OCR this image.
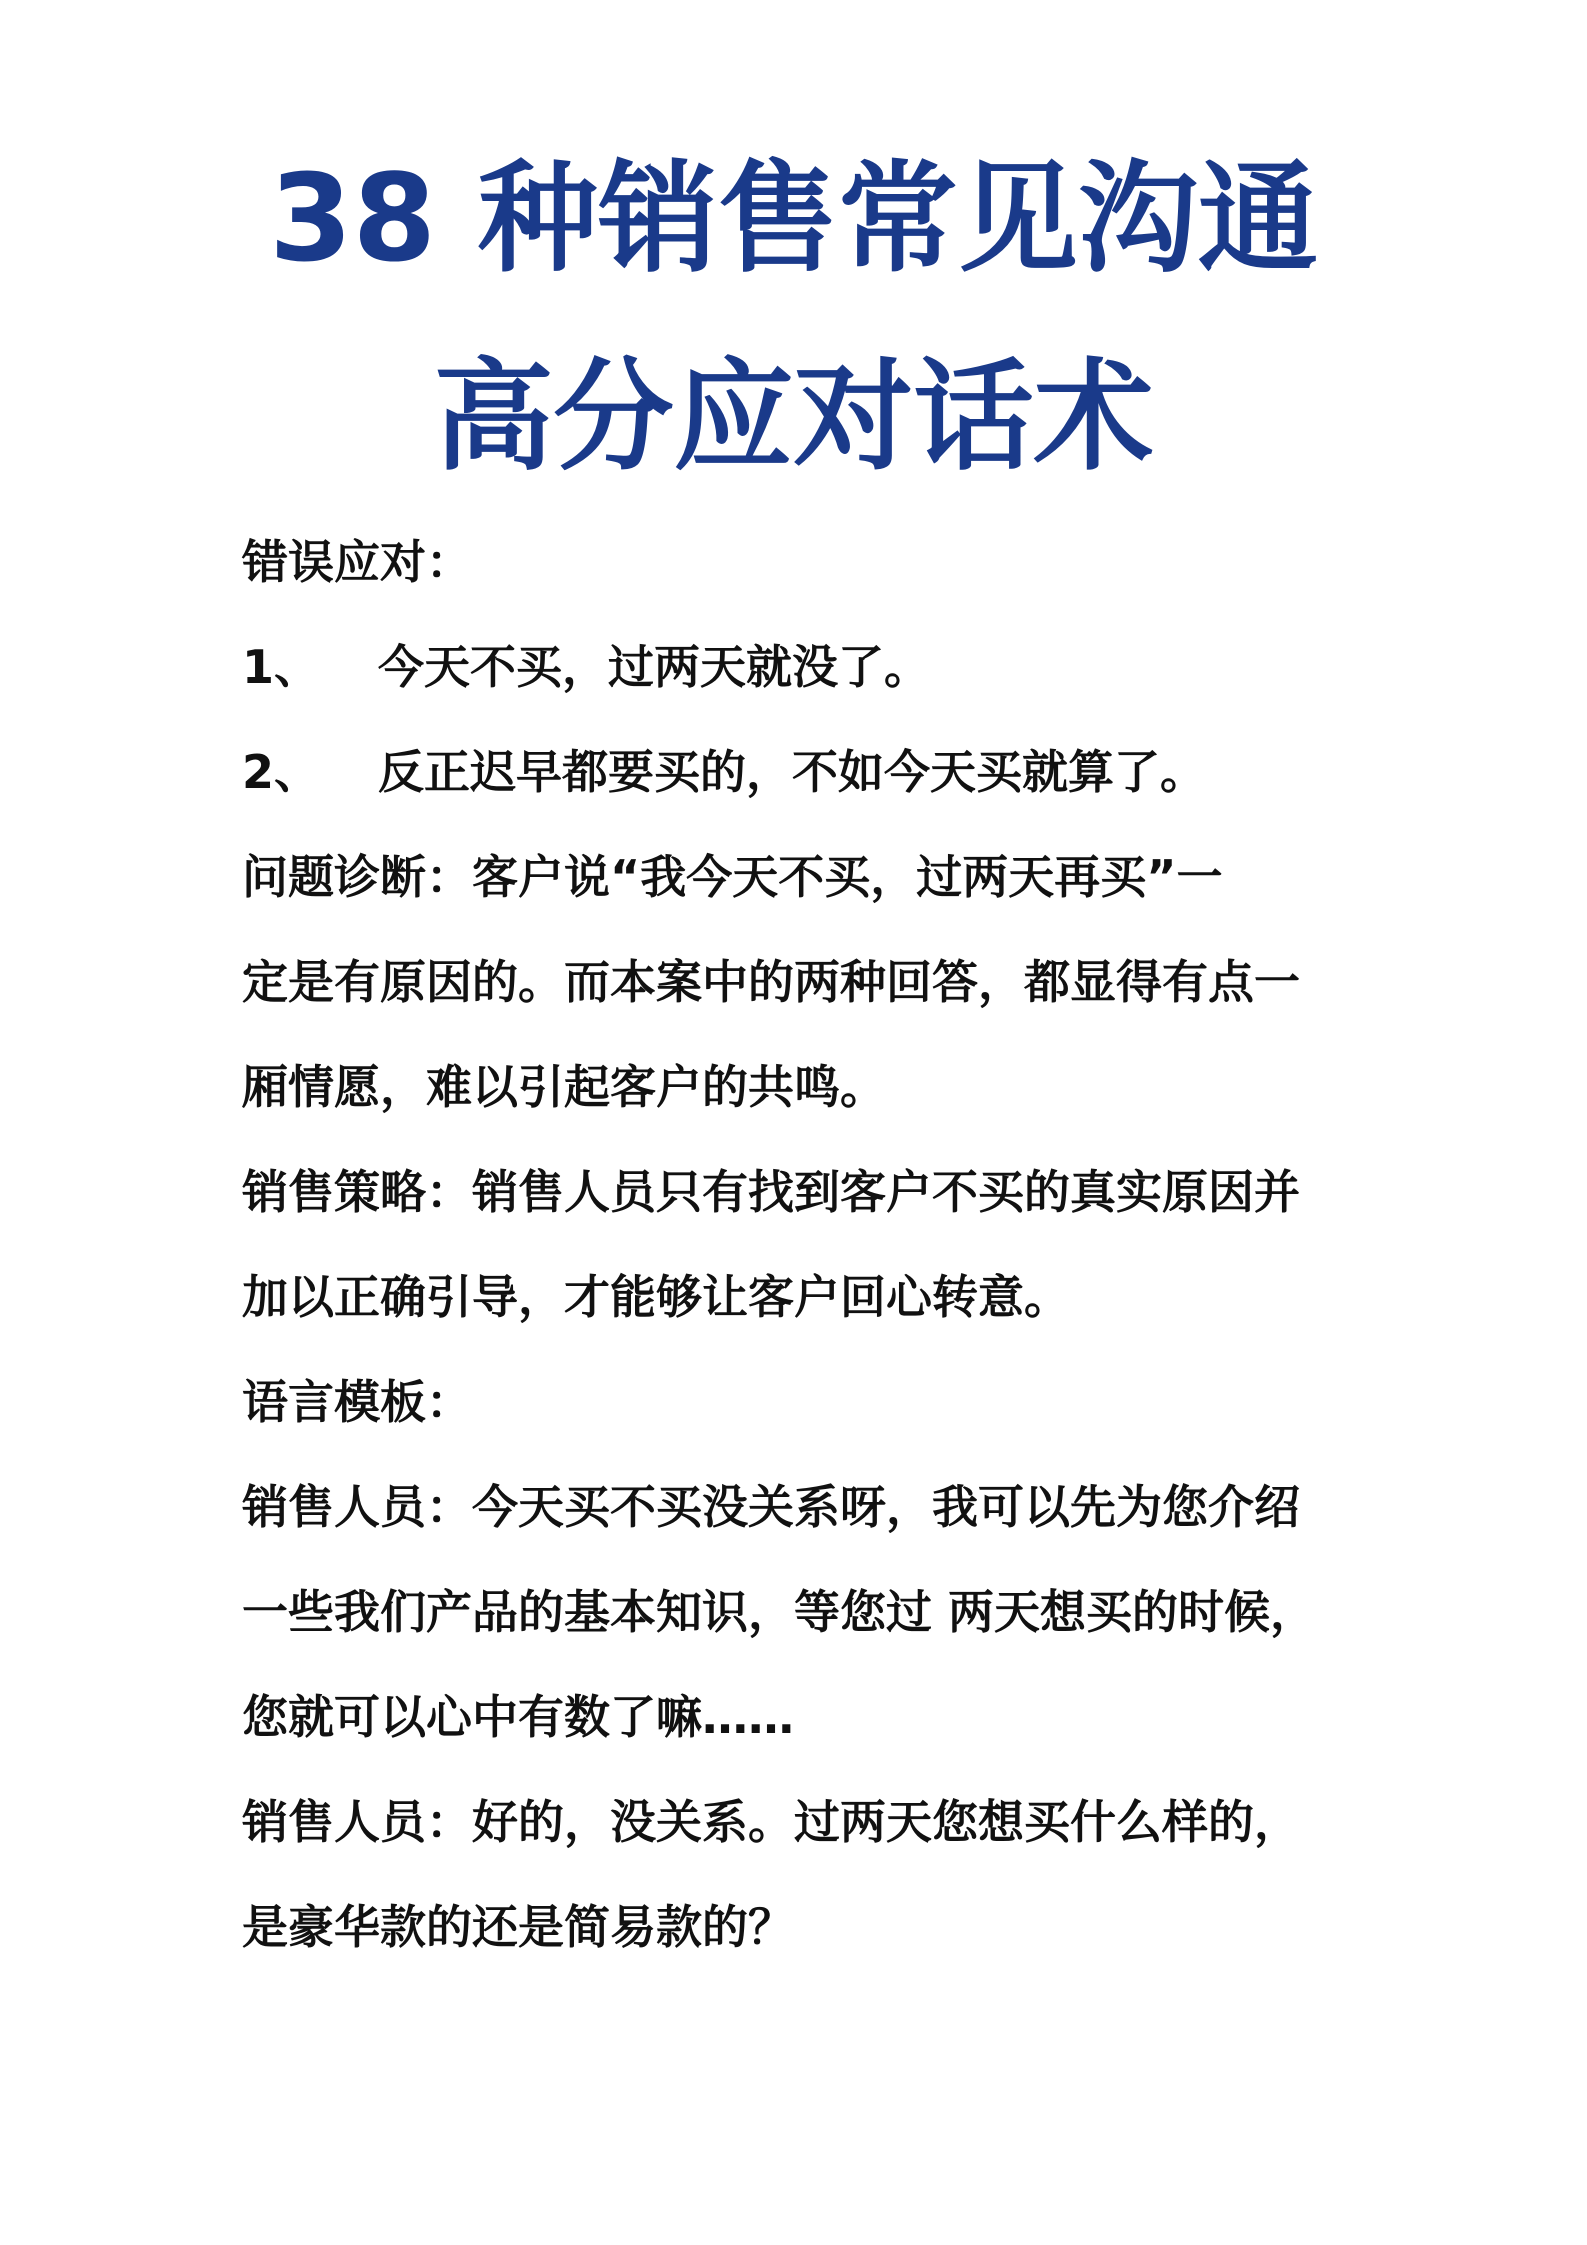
38 种销售常见沟通
高分应对话术
错误应对：
1、 今天不买，过两天就没了。
2、 反正迟早都要买的，不如今天买就算了。
问题诊断：客户说“我今天不买，过两天再买”一
定是有原因的。而本案中的两种回答，都显得有点一
厢情愿，难以引起客户的共鸣。
销售策略：销售人员只有找到客户不买的真实原因并
加以正确引导，才能够让客户回心转意。
语言模板：
销售人员：今天买不买没关系呀，我可以先为您介绍
一些我们产品的基本知识，等您过 两天想买的时候，
您就可以心中有数了嘛……
销售人员：好的，没关系。过两天您想买什么样的，
是豪华款的还是简易款的？
